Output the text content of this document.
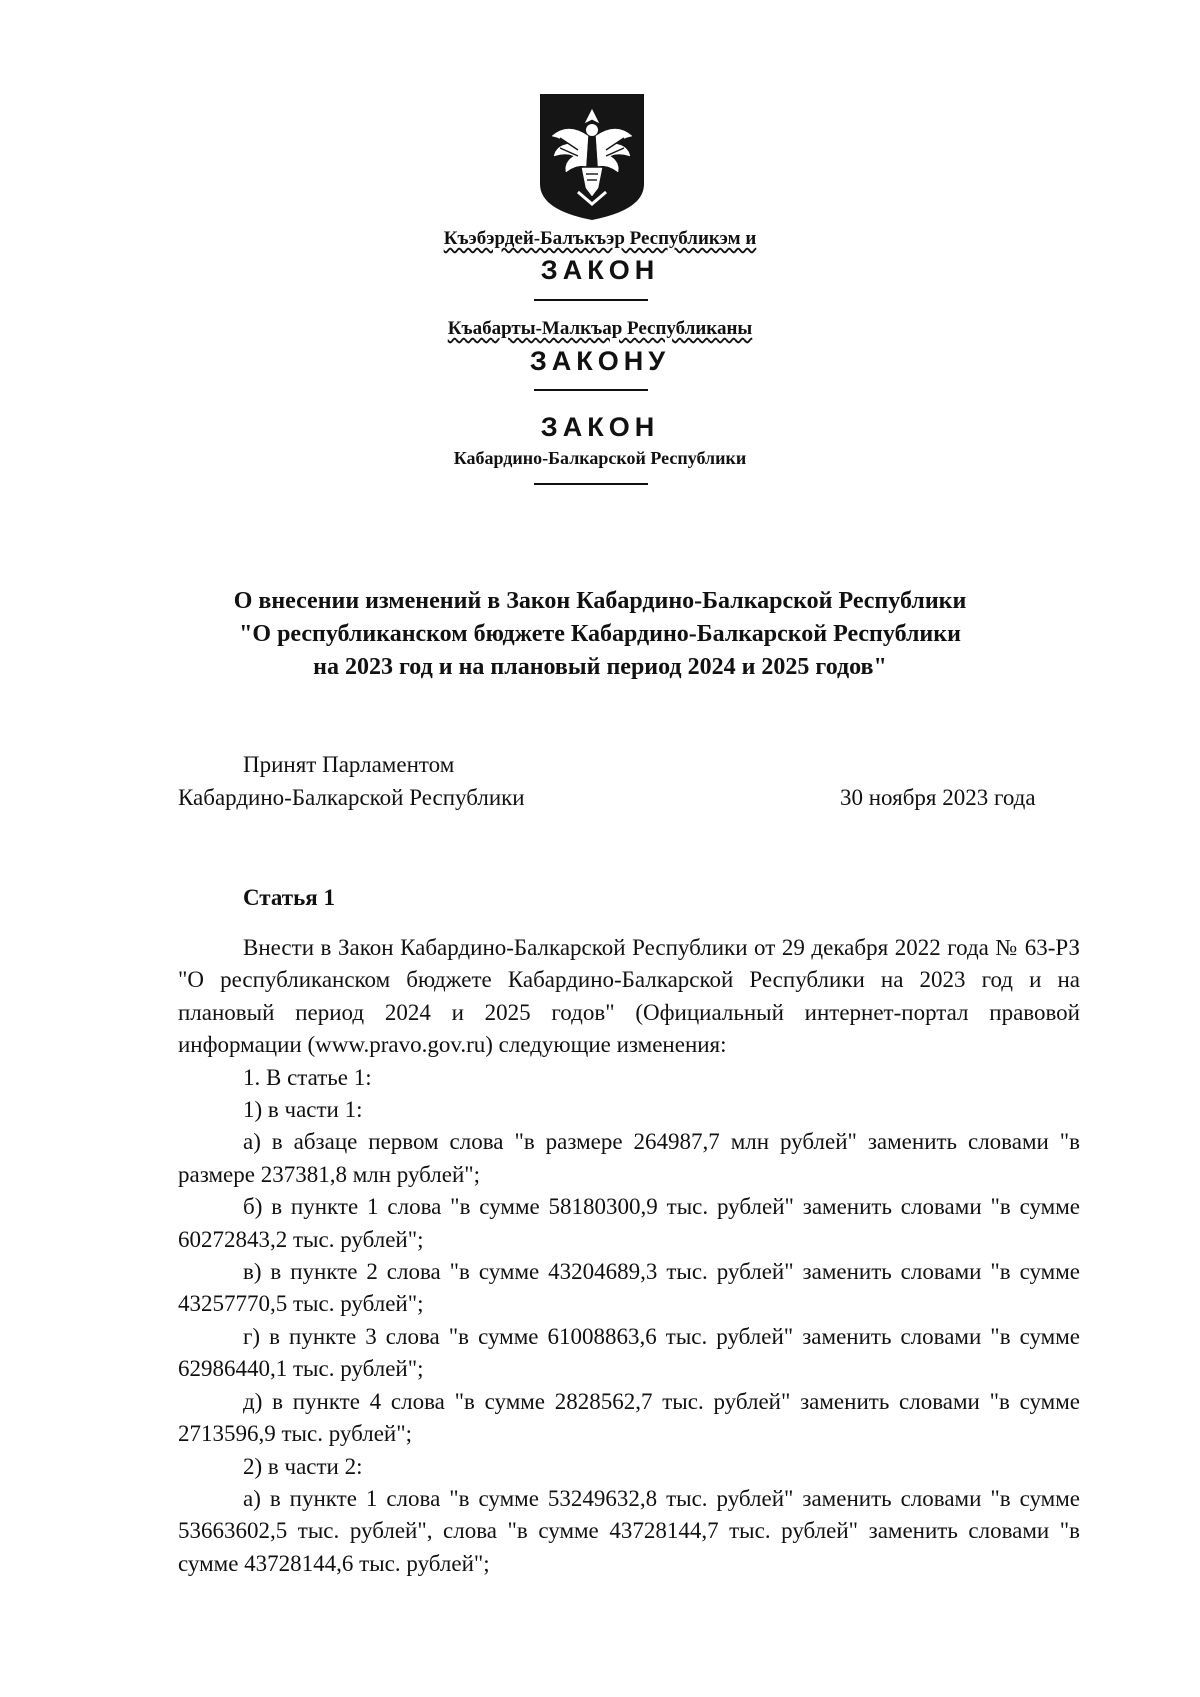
Къэбэрдей-Балъкъэр Республикэм и
ЗАКОН
Къабарты-Малкъар Республиканы
ЗАКОНУ
ЗАКОН
Кабардино-Балкарской Республики
О внесении изменений в Закон Кабардино-Балкарской Республики
"О республиканском бюджете Кабардино-Балкарской Республики
на 2023 год и на плановый период 2024 и 2025 годов"
Принят Парламентом
Кабардино-Балкарской Республики	30 ноября 2023 года
Статья 1

Внести в Закон Кабардино-Балкарской Республики от 29 декабря 2022 года № 63-РЗ "О республиканском бюджете Кабардино-Балкарской Республики на 2023 год и на плановый период 2024 и 2025 годов" (Официальный интернет-портал правовой информации (www.pravo.gov.ru) следующие изменения:

1. В статье 1:

1) в части 1:

а) в абзаце первом слова "в размере 264987,7 млн рублей" заменить словами "в размере 237381,8 млн рублей";

б) в пункте 1 слова "в сумме 58180300,9 тыс. рублей" заменить словами "в сумме 60272843,2 тыс. рублей";

в) в пункте 2 слова "в сумме 43204689,3 тыс. рублей" заменить словами "в сумме 43257770,5 тыс. рублей";

г) в пункте 3 слова "в сумме 61008863,6 тыс. рублей" заменить словами "в сумме 62986440,1 тыс. рублей";

д) в пункте 4 слова "в сумме 2828562,7 тыс. рублей" заменить словами "в сумме 2713596,9 тыс. рублей";

2) в части 2:

а) в пункте 1 слова "в сумме 53249632,8 тыс. рублей" заменить словами "в сумме 53663602,5 тыс. рублей", слова "в сумме 43728144,7 тыс. рублей" заменить словами "в сумме 43728144,6 тыс. рублей";
